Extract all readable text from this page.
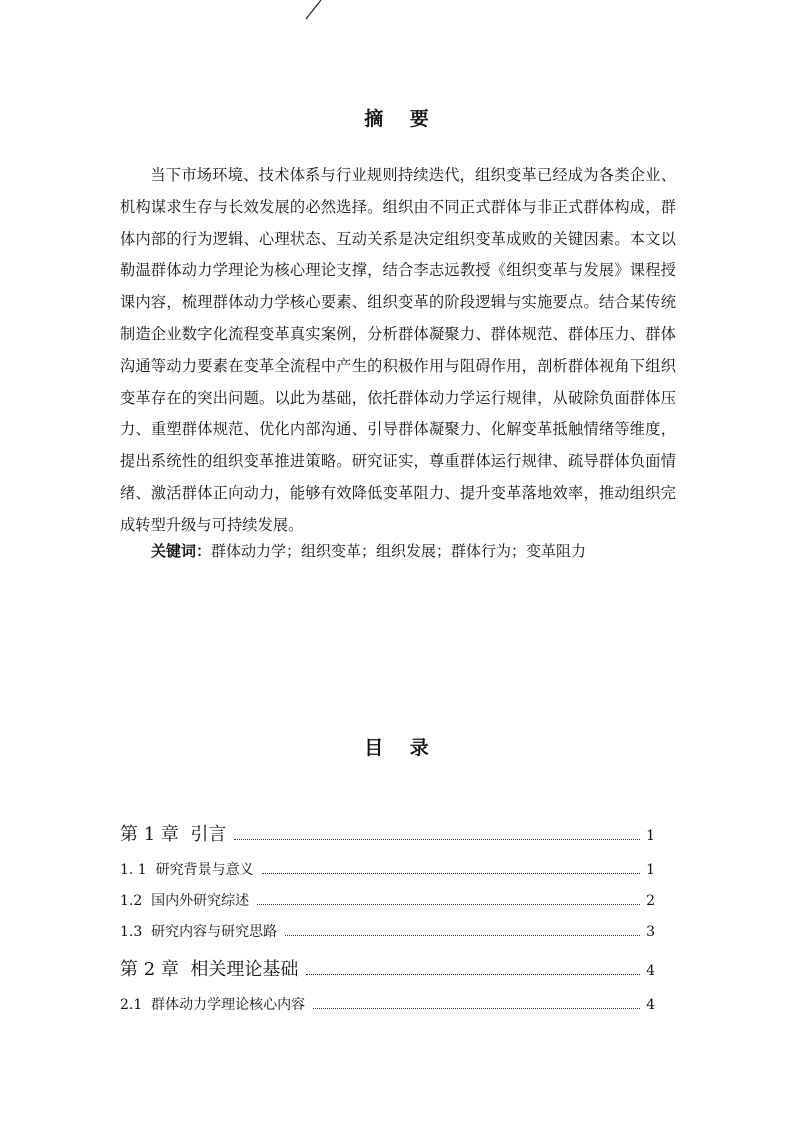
摘    要

当下市场环境、技术体系与行业规则持续迭代，组织变革已经成为各类企业、机构谋求生存与长效发展的必然选择。组织由不同正式群体与非正式群体构成，群体内部的行为逻辑、心理状态、互动关系是决定组织变革成败的关键因素。本文以勒温群体动力学理论为核心理论支撑，结合李志远教授《组织变革与发展》课程授课内容，梳理群体动力学核心要素、组织变革的阶段逻辑与实施要点。结合某传统制造企业数字化流程变革真实案例，分析群体凝聚力、群体规范、群体压力、群体沟通等动力要素在变革全流程中产生的积极作用与阻碍作用，剖析群体视角下组织变革存在的突出问题。以此为基础，依托群体动力学运行规律，从破除负面群体压力、重塑群体规范、优化内部沟通、引导群体凝聚力、化解变革抵触情绪等维度，提出系统性的组织变革推进策略。研究证实，尊重群体运行规律、疏导群体负面情绪、激活群体正向动力，能够有效降低变革阻力、提升变革落地效率，推动组织完成转型升级与可持续发展。

关键词：群体动力学；组织变革；组织发展；群体行为；变革阻力
目    录
第 1 章 引言	1
1. 1 研究背景与意义	1
1.2 国内外研究综述	2
1.3 研究内容与研究思路	3
第 2 章 相关理论基础	4
2.1 群体动力学理论核心内容	4
